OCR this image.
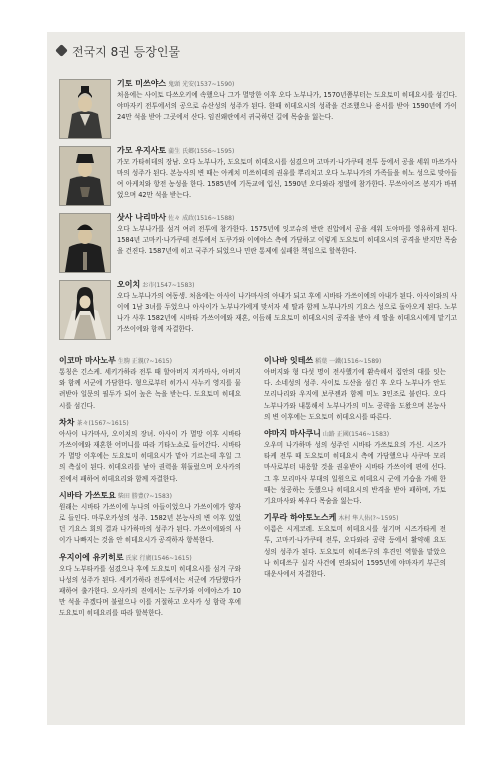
전국지 8권 등장인물
기토 미쓰야스 鬼頭 光安(1537~1590)
처음에는 사이토 다쓰오키에 속했으나 그가 멸망한 이후 오다 노부나가, 1570년쯤부터는 도요토미 히데요시를 섬긴다. 야마자키 전투에서의 공으로 슈산성의 성주가 된다. 한때 히데요시의 성곽을 건조했으나 용서를 받아 1590년에 가이 24만 석을 받아 그곳에서 산다. 임진왜란에서 귀국하던 길에 목숨을 잃는다.
가모 우지사토 蒲生 氏郷(1556~1595)
가모 가타히데의 장남. 오다 노부나가, 도요토미 히데요시를 섬겼으며 고마키·나가쿠테 전투 등에서 공을 세워 마쓰가사마의 성주가 된다. 본능사의 변 때는 아케치 미쓰히데의 권유를 뿌리치고 오다 노부나가의 가족들을 히노 성으로 맞아들여 아케치와 항전 농성을 한다. 1585년에 기독교에 입신, 1590년 오다와라 정벌에 참가한다. 무쓰아이즈 봉지가 바뀌었으며 42만 석을 받는다.
삿사 나리마사 佐々 成政(1516~1588)
오다 노부나가를 섬겨 여러 전투에 참가한다. 1575년에 잇코슈의 반란 진압에서 공을 세워 도야마를 영유하게 된다. 1584년 고마키·나가쿠테 전투에서 도쿠가와 이에야스 측에 가담하고 이렇게 도요토미 히데요시의 공격을 받지만 목숨을 건진다. 1587년에 히고 국주가 되었으나 민란 통제에 실패한 책임으로 할복한다.
오이치 お市(1547~1583)
오다 노부나가의 여동생. 처음에는 아사이 나가마사의 아내가 되고 후에 시바타 가쓰이에의 아내가 된다. 아사이와의 사이에 1남 3녀를 두었으나 아사이가 노부나가에게 맞서자 세 딸과 함께 노부나가의 기요스 성으로 돌아오게 된다. 노부나가 사후 1582년에 시바타 가쓰이에와 재혼, 이듬해 도요토미 히데요시의 공격을 받아 세 딸을 히데요시에게 맡기고 가쓰이에와 함께 자결한다.
이코마 마사노부 生駒 正親(?~1615)
통칭은 긴스케. 세키가하라 전투 때 할아버지 지카마사, 아버지와 함께 서군에 가담한다. 형으로부터 히가시 사누키 영지를 물려받아 일문의 필두가 되어 높은 녹을 받는다. 도요토미 히데요시를 섬긴다.
차차 茶々(1567~1615)
아사이 나가마사, 오이치의 장녀. 아사이 가 멸망 이후 시바타 가쓰이에와 재혼한 어머니를 따라 기타노쇼로 들어간다. 시바타 가 멸망 이후에는 도요토미 히데요시가 맡아 기르는데 후일 그의 측실이 된다. 히데요리를 낳아 권력을 휘둘렀으며 오사카의 진에서 패하여 히데요리와 함께 자결한다.
시바타 가쓰토요 柴田 勝豊(?~1583)
원래는 시바타 가쓰이에 누나의 아들이었으나 가쓰이에가 양자로 들인다. 마루오카성의 성주. 1582년 본능사의 변 이후 있었던 기요스 회의 결과 나가하마의 성주가 된다. 가쓰이에와의 사이가 나빠지는 것을 안 히데요시가 공격하자 항복한다.
우지이에 유키히로 氏家 行廣(1546~1615)
오다 노부타카를 섬겼으나 후에 도요토미 히데요시를 섬겨 구와나성의 성주가 된다. 세키가하라 전투에서는 서군에 가담했다가 패하여 출가한다. 오사카의 진에서는 도쿠가와 이에야스가 10만 석을 주겠다며 불렀으나 이를 거절하고 오사카 성 함락 후에 도요토미 히데요리를 따라 할복한다.
이나바 잇테쓰 稻葉 一鐵(1516~1589)
아버지와 형 다섯 명이 전사했기에 환속해서 집안의 대를 잇는다. 소네성의 성주. 사이토 도산을 섬긴 후 오다 노부나가 안도 모리나리와 우지에 보쿠젠과 함께 미노 3인조로 불린다. 오다 노부나가와 내통해서 노부나가의 미노 공략을 도왔으며 본능사의 변 이후에는 도요토미 히데요시를 따른다.
야마지 마사쿠니 山路 正國(1546~1583)
오우미 나가하마 성의 성주인 시바타 가쓰토요의 가신. 시즈가타케 전투 때 도요토미 히데요시 측에 가담했으나 사쿠마 모리마사로부터 내응할 것을 권유받아 시바타 가쓰이에 편에 선다. 그 후 모리마사 부대의 일원으로 히데요시 군에 기습을 가해 한때는 성공하는 듯했으나 히데요시의 반격을 받아 패하며, 가토 기요마사와 싸우다 목숨을 잃는다.
기무라 하야토노스케 木村 隼人佑(?~1595)
이름은 시게코레. 도요토미 히데요시를 섬기며 시즈가타케 전투, 고마키·나가쿠테 전투, 오다와라 공략 등에서 활약해 요도 성의 성주가 된다. 도요토미 히데쓰구의 후견인 역할을 맡았으나 히데쓰구 실각 사건에 연좌되어 1595년에 야마자키 부근의 대운사에서 자결한다.
